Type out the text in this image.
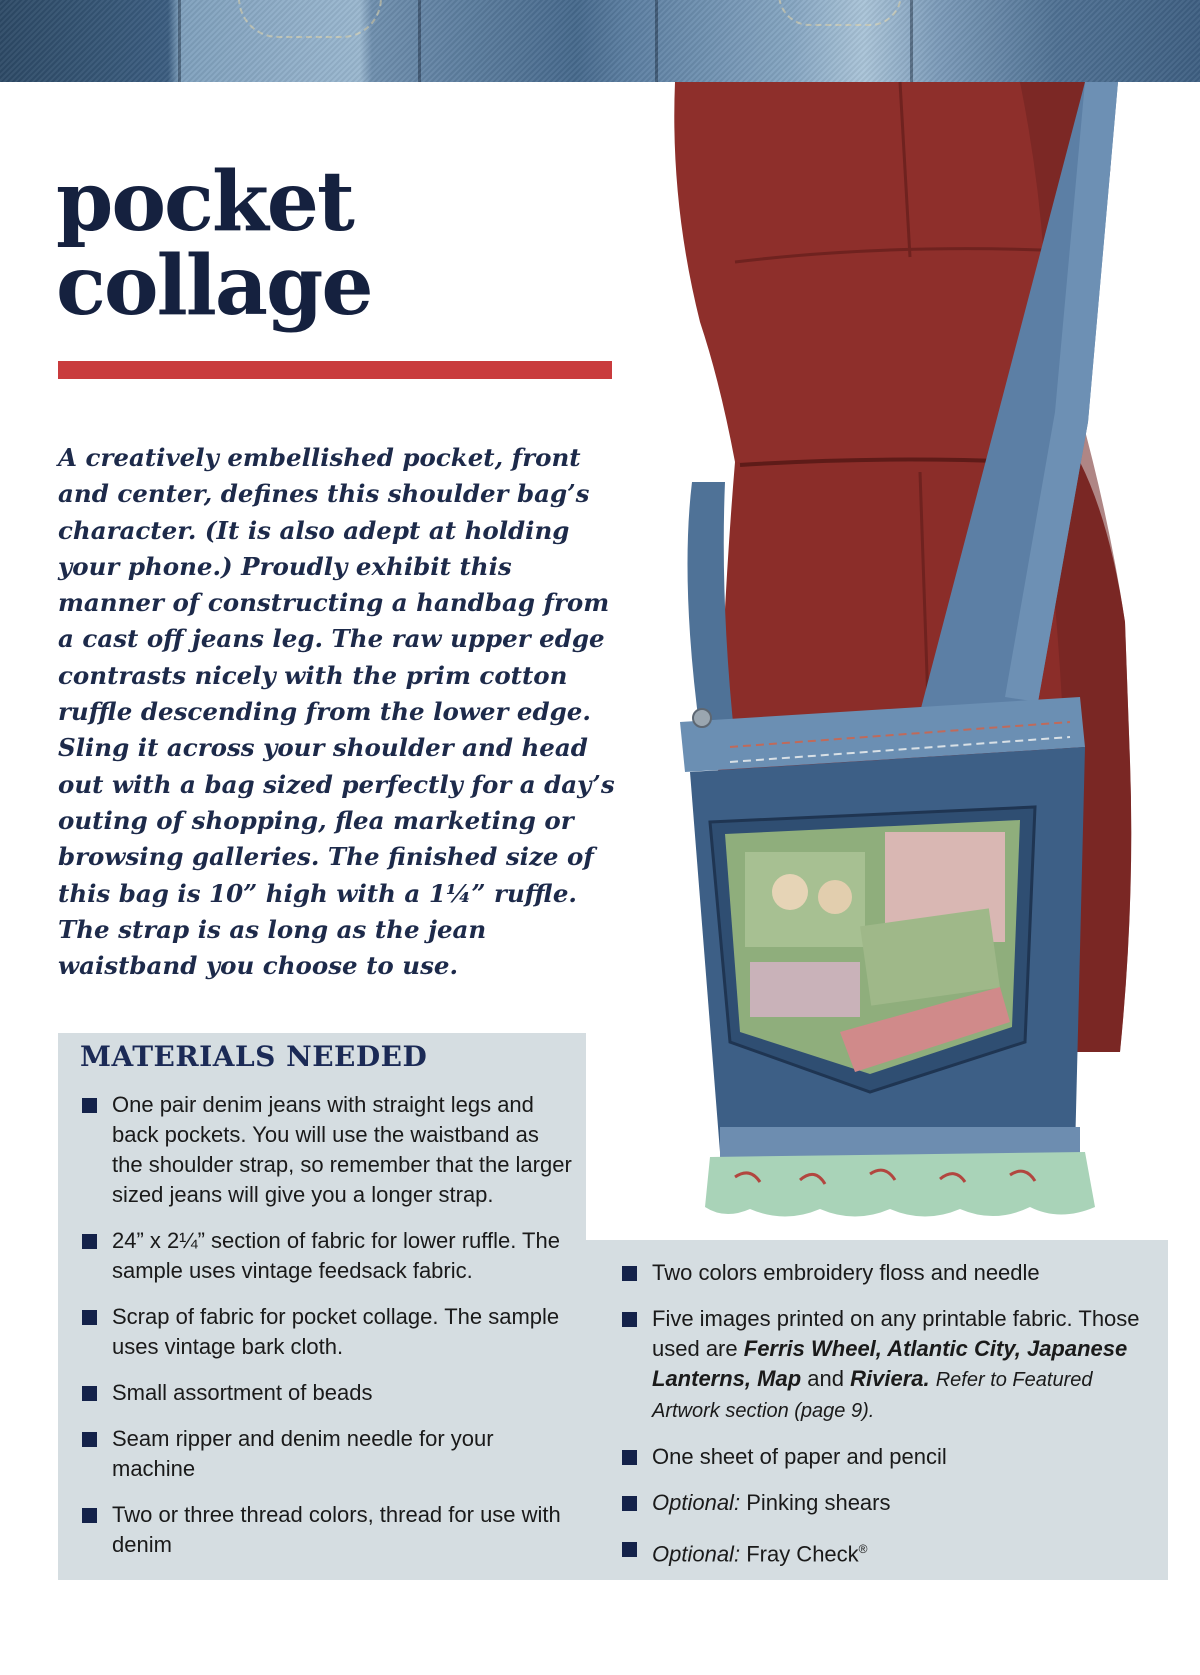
pocket
collage

A creatively embellished pocket, front and center, defines this shoulder bag’s character. (It is also adept at holding your phone.) Proudly exhibit this manner of constructing a handbag from a cast off jeans leg. The raw upper edge contrasts nicely with the prim cotton ruffle descending from the lower edge. Sling it across your shoulder and head out with a bag sized perfectly for a day’s outing of shopping, flea marketing or browsing galleries. The finished size of this bag is 10” high with a 1¼” ruffle. The strap is as long as the jean waistband you choose to use.

MATERIALS NEEDED
One pair denim jeans with straight legs and back pockets. You will use the waistband as the shoulder strap, so remember that the larger sized jeans will give you a longer strap.
24” x 2¼” section of fabric for lower ruffle. The sample uses vintage feedsack fabric.
Scrap of fabric for pocket collage. The sample uses vintage bark cloth.
Small assortment of beads
Seam ripper and denim needle for your machine
Two or three thread colors, thread for use with denim
Two colors embroidery floss and needle
Five images printed on any printable fabric. Those used are Ferris Wheel, Atlantic City, Japanese Lanterns, Map and Riviera. Refer to Featured Artwork section (page 9).
One sheet of paper and pencil
Optional: Pinking shears
Optional: Fray Check®
